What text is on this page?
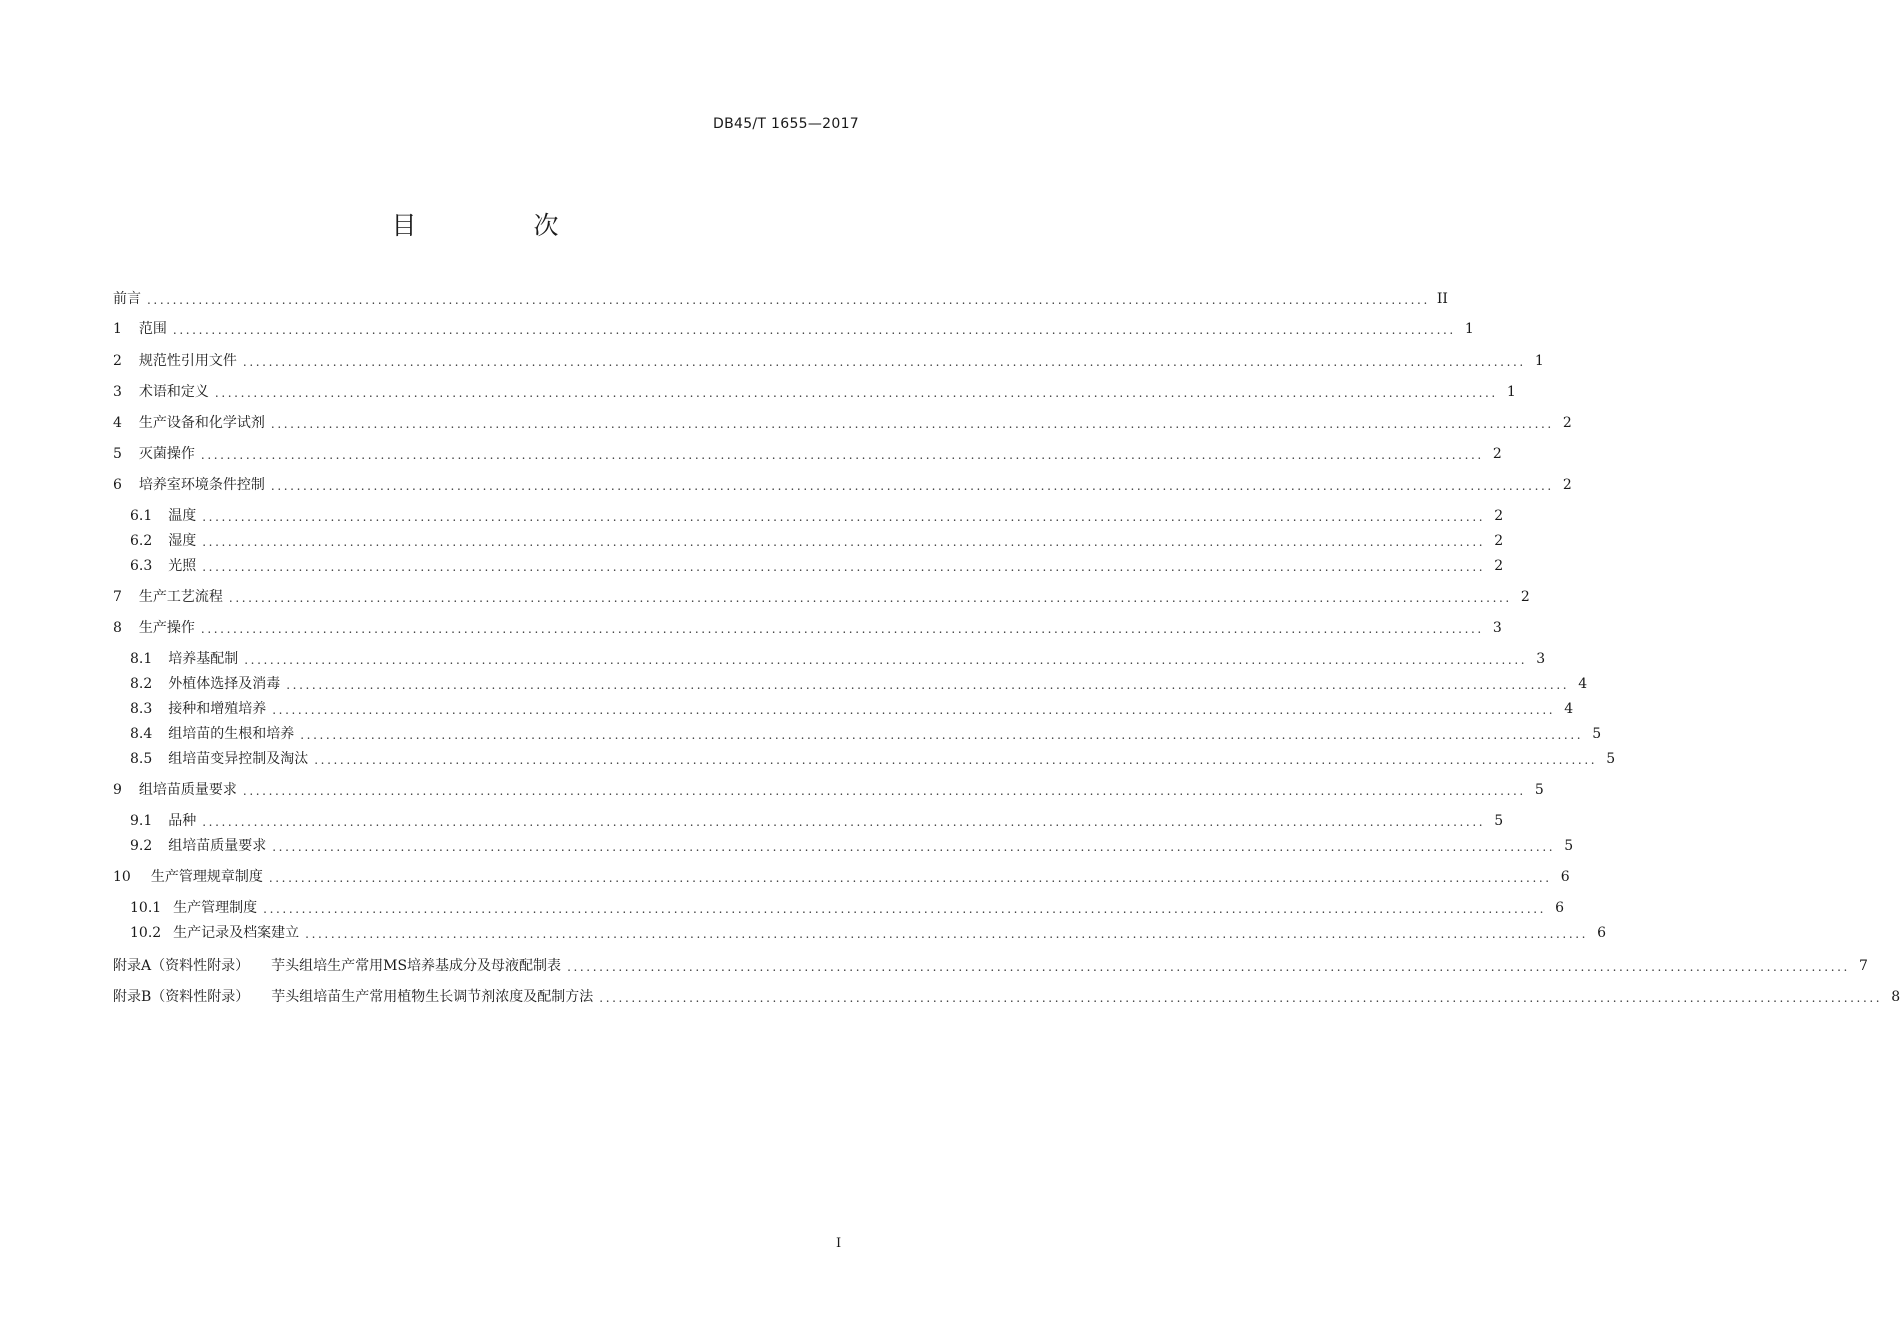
DB45/T 1655—2017
目　次
前言 ........................................................................................................................................................................................................ II
1 范围 ........................................................................................................................................................................................................ 1
2 规范性引用文件 ........................................................................................................................................................................................................ 1
3 术语和定义 ........................................................................................................................................................................................................ 1
4 生产设备和化学试剂 ........................................................................................................................................................................................................ 2
5 灭菌操作 ........................................................................................................................................................................................................ 2
6 培养室环境条件控制 ........................................................................................................................................................................................................ 2
6.1 温度 ........................................................................................................................................................................................................ 2
6.2 湿度 ........................................................................................................................................................................................................ 2
6.3 光照 ........................................................................................................................................................................................................ 2
7 生产工艺流程 ........................................................................................................................................................................................................ 2
8 生产操作 ........................................................................................................................................................................................................ 3
8.1 培养基配制 ........................................................................................................................................................................................................ 3
8.2 外植体选择及消毒 ........................................................................................................................................................................................................ 4
8.3 接种和增殖培养 ........................................................................................................................................................................................................ 4
8.4 组培苗的生根和培养 ........................................................................................................................................................................................................ 5
8.5 组培苗变异控制及淘汰 ........................................................................................................................................................................................................ 5
9 组培苗质量要求 ........................................................................................................................................................................................................ 5
9.1 品种 ........................................................................................................................................................................................................ 5
9.2 组培苗质量要求 ........................................................................................................................................................................................................ 5
10 生产管理规章制度 ........................................................................................................................................................................................................ 6
10.1 生产管理制度 ........................................................................................................................................................................................................ 6
10.2 生产记录及档案建立 ........................................................................................................................................................................................................ 6
附录A（资料性附录） 芋头组培生产常用MS培养基成分及母液配制表 ........................................................................................................................................................................................................ 7
附录B（资料性附录） 芋头组培苗生产常用植物生长调节剂浓度及配制方法 ........................................................................................................................................................................................................ 8
I
